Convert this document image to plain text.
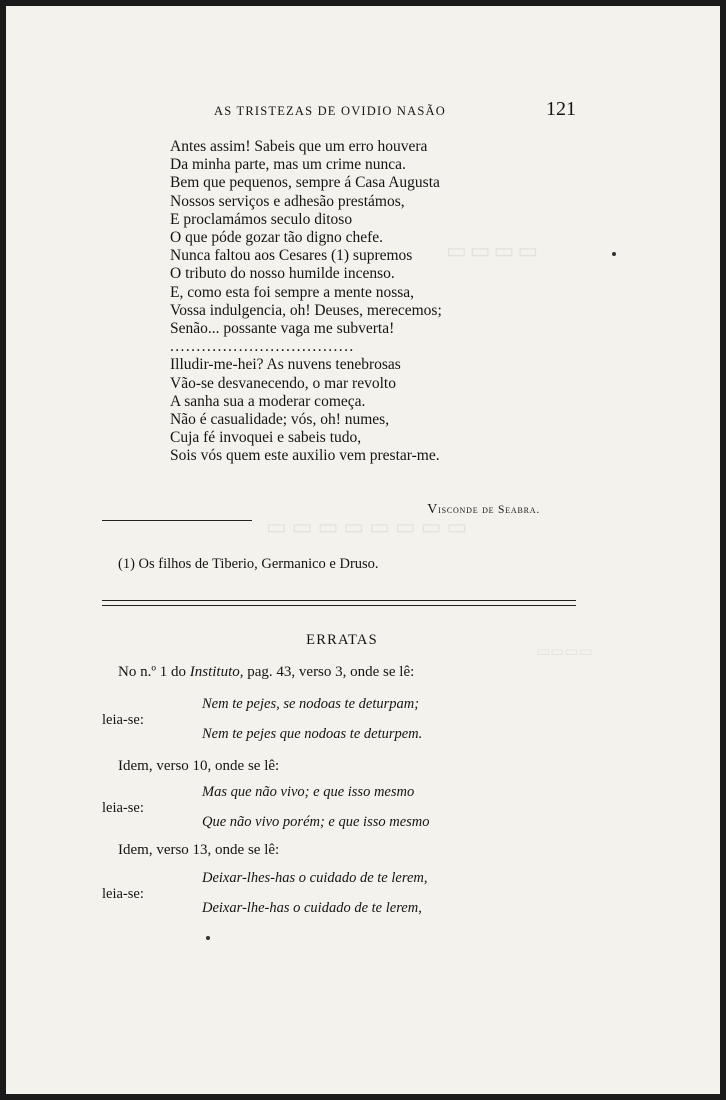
▭▭▭▭
▭▭▭▭▭▭▭▭
▭▭▭▭
AS TRISTEZAS DE OVIDIO NASÃO	121
Antes assim! Sabeis que um erro houvera
Da minha parte, mas um crime nunca.
Bem que pequenos, sempre á Casa Augusta
Nossos serviços e adhesão prestámos,
E proclamámos seculo ditoso
O que póde gozar tão digno chefe.
Nunca faltou aos Cesares (1) supremos
O tributo do nosso humilde incenso.
E, como esta foi sempre a mente nossa,
Vossa indulgencia, oh! Deuses, merecemos;
Senão... possante vaga me subverta!
...................................
Illudir-me-hei? As nuvens tenebrosas
Vão-se desvanecendo, o mar revolto
A sanha sua a moderar começa.
Não é casualidade; vós, oh! numes,
Cuja fé invoquei e sabeis tudo,
Sois vós quem este auxilio vem prestar-me.
Visconde de Seabra.
(1) Os filhos de Tiberio, Germanico e Druso.
ERRATAS
No n.º 1 do Instituto, pag. 43, verso 3, onde se lê:
Nem te pejes, se nodoas te deturpam;
leia-se:
Nem te pejes que nodoas te deturpem.
Idem, verso 10, onde se lê:
Mas que não vivo; e que isso mesmo
leia-se:
Que não vivo porém; e que isso mesmo
Idem, verso 13, onde se lê:
Deixar-lhes-has o cuidado de te lerem,
leia-se:
Deixar-lhe-has o cuidado de te lerem,
